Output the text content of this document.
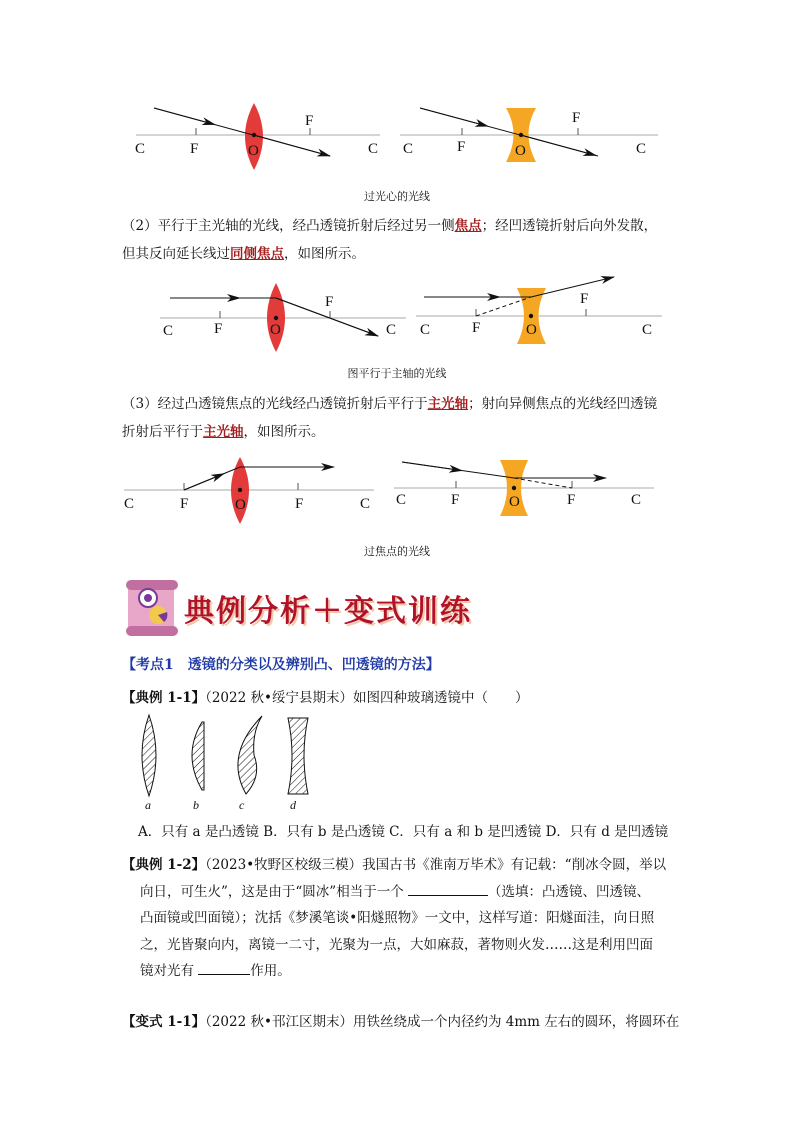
C	F	O
F
C C	F	O
F
C
C	F	O
F
C C	F	O
F
C
C	F	O	F	C C	F	O	F	C
a	b	c	d
过光心的光线
（2）平行于主光轴的光线，经凸透镜折射后经过另一侧焦点；经凹透镜折射后向外发散，
但其反向延长线过同侧焦点，如图所示。
图平行于主轴的光线
（3）经过凸透镜焦点的光线经凸透镜折射后平行于主光轴；射向异侧焦点的光线经凹透镜
折射后平行于主光轴，如图所示。
过焦点的光线
典例分析＋变式训练
【考点1　透镜的分类以及辨别凸、凹透镜的方法】
【典例 1-1】（2022 秋•绥宁县期末）如图四种玻璃透镜中（　　）
A．只有 a 是凸透镜 B．只有 b 是凸透镜 C．只有 a 和 b 是凹透镜 D．只有 d 是凹透镜
【典例 1-2】（2023•牧野区校级三模）我国古书《淮南万毕术》有记载：“削冰令圆，举以
向日，可生火”，这是由于“圆冰”相当于一个	（选填：凸透镜、凹透镜、
凸面镜或凹面镜）；沈括《梦溪笔谈•阳燧照物》一文中，这样写道：阳燧面洼，向日照
之，光皆聚向内，离镜一二寸，光聚为一点，大如麻菽，著物则火发……这是利用凹面
镜对光有	作用。
【变式 1-1】（2022 秋•邗江区期末）用铁丝绕成一个内径约为 4mm 左右的圆环，将圆环在
